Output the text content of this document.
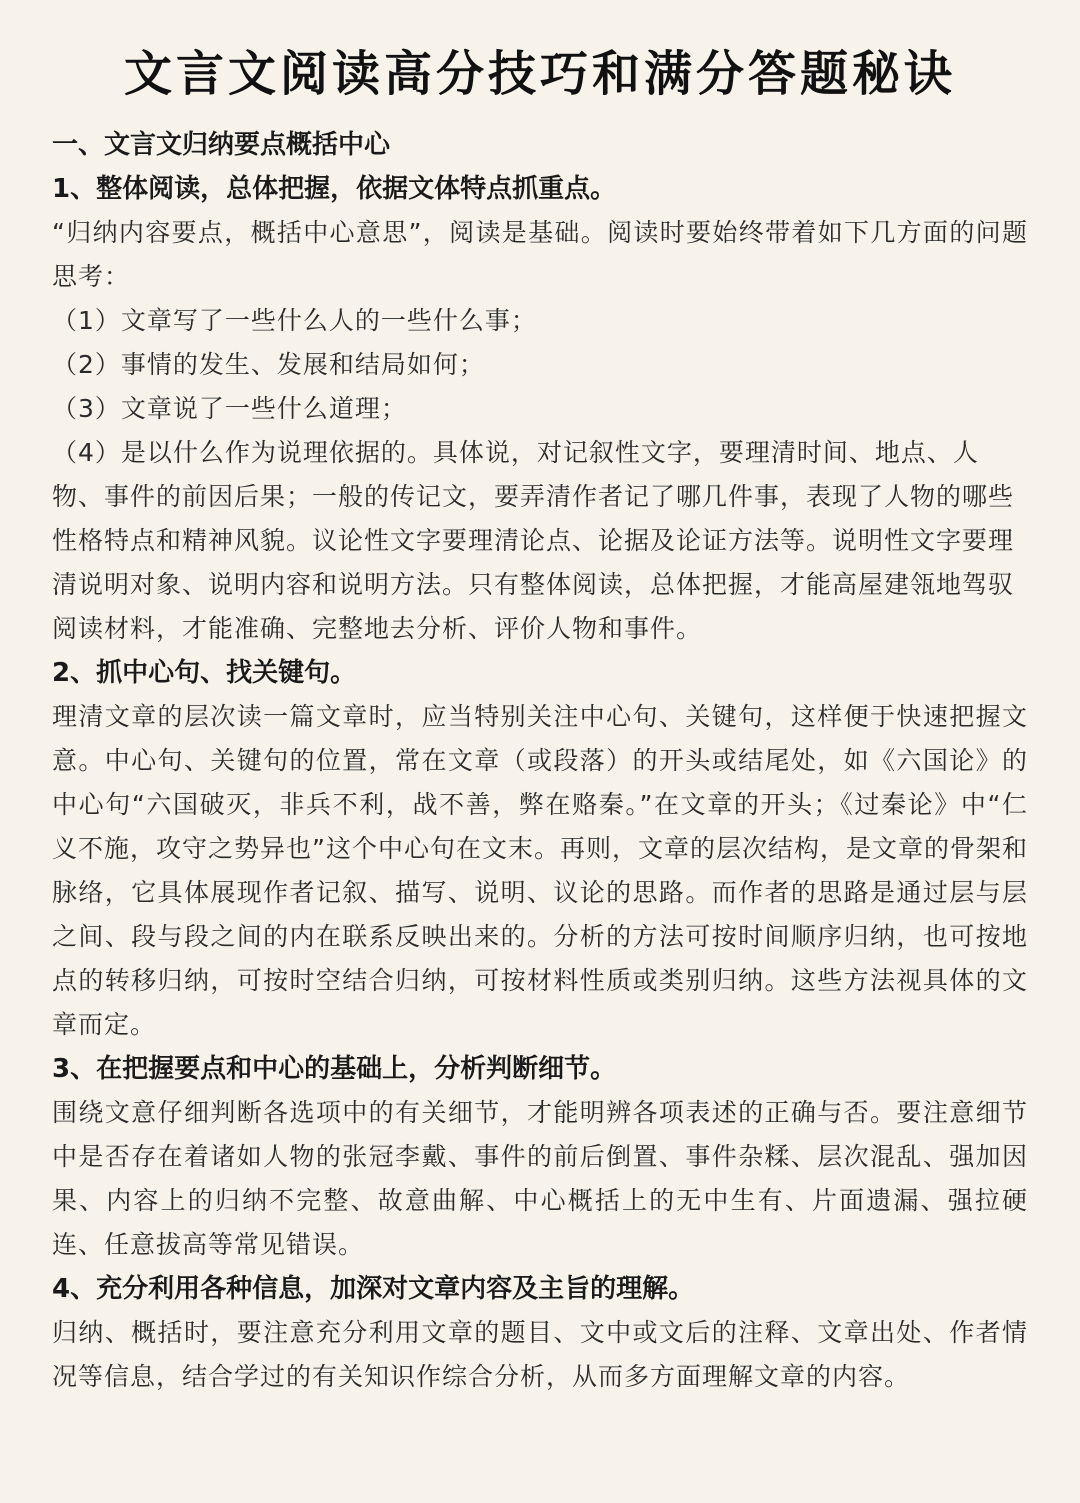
文言文阅读高分技巧和满分答题秘诀

一、文言文归纳要点概括中心

1、整体阅读，总体把握，依据文体特点抓重点。

“归纳内容要点，概括中心意思”，阅读是基础。阅读时要始终带着如下几方面的问题思考：

（1）文章写了一些什么人的一些什么事；

（2）事情的发生、发展和结局如何；

（3）文章说了一些什么道理；

（4）是以什么作为说理依据的。具体说，对记叙性文字，要理清时间、地点、人物、事件的前因后果；一般的传记文，要弄清作者记了哪几件事，表现了人物的哪些性格特点和精神风貌。议论性文字要理清论点、论据及论证方法等。说明性文字要理清说明对象、说明内容和说明方法。只有整体阅读，总体把握，才能高屋建瓴地驾驭阅读材料，才能准确、完整地去分析、评价人物和事件。

2、抓中心句、找关键句。

理清文章的层次读一篇文章时，应当特别关注中心句、关键句，这样便于快速把握文意。中心句、关键句的位置，常在文章（或段落）的开头或结尾处，如《六国论》的中心句“六国破灭，非兵不利，战不善，弊在赂秦。”在文章的开头；《过秦论》中“仁义不施，攻守之势异也”这个中心句在文末。再则，文章的层次结构，是文章的骨架和脉络，它具体展现作者记叙、描写、说明、议论的思路。而作者的思路是通过层与层之间、段与段之间的内在联系反映出来的。分析的方法可按时间顺序归纳，也可按地点的转移归纳，可按时空结合归纳，可按材料性质或类别归纳。这些方法视具体的文章而定。

3、在把握要点和中心的基础上，分析判断细节。

围绕文意仔细判断各选项中的有关细节，才能明辨各项表述的正确与否。要注意细节中是否存在着诸如人物的张冠李戴、事件的前后倒置、事件杂糅、层次混乱、强加因果、内容上的归纳不完整、故意曲解、中心概括上的无中生有、片面遗漏、强拉硬连、任意拔高等常见错误。

4、充分利用各种信息，加深对文章内容及主旨的理解。

归纳、概括时，要注意充分利用文章的题目、文中或文后的注释、文章出处、作者情况等信息，结合学过的有关知识作综合分析，从而多方面理解文章的内容。
